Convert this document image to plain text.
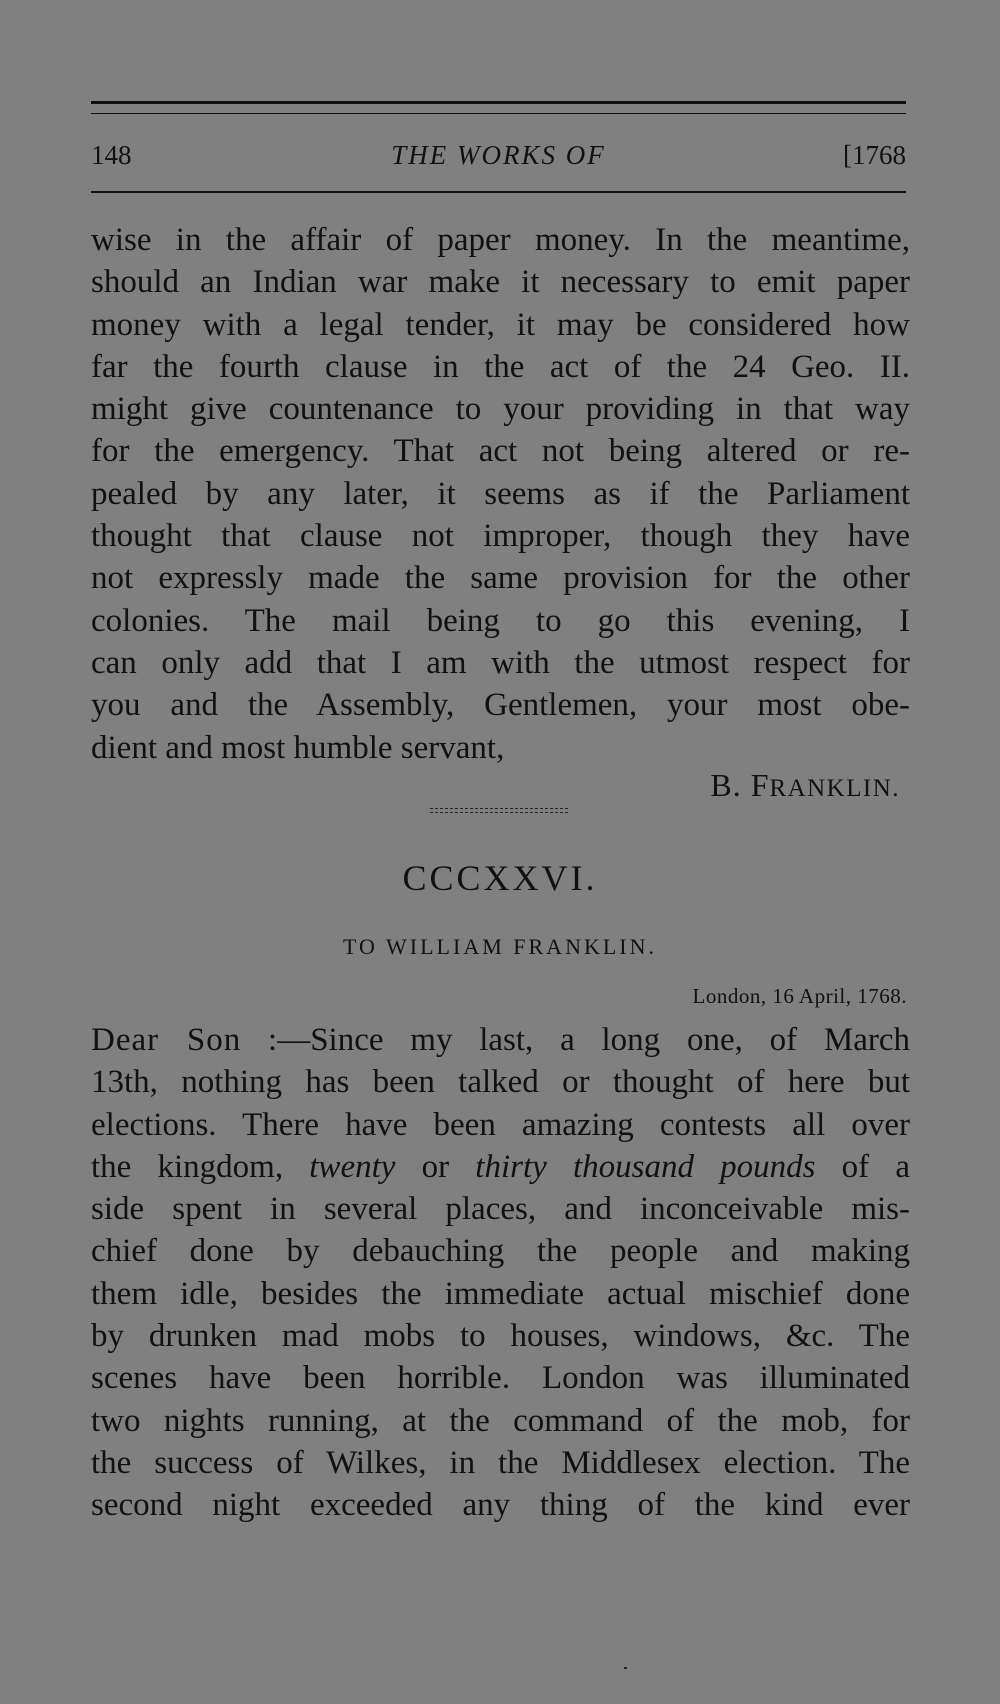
148	THE WORKS OF	[1768

wise in the affair of paper money. In the meantime,
should an Indian war make it necessary to emit paper
money with a legal tender, it may be considered how
far the fourth clause in the act of the 24 Geo. II.
might give countenance to your providing in that way
for the emergency. That act not being altered or re-
pealed by any later, it seems as if the Parliament
thought that clause not improper, though they have
not expressly made the same provision for the other
colonies. The mail being to go this evening, I
can only add that I am with the utmost respect for
you and the Assembly, Gentlemen, your most obe-
dient and most humble servant,

B. FRANKLIN.
CCCXXVI.
TO WILLIAM FRANKLIN.
London, 16 April, 1768.

Dear Son :—Since my last, a long one, of March
13th, nothing has been talked or thought of here but
elections. There have been amazing contests all over
the kingdom, twenty or thirty thousand pounds of a
side spent in several places, and inconceivable mis-
chief done by debauching the people and making
them idle, besides the immediate actual mischief done
by drunken mad mobs to houses, windows, &c. The
scenes have been horrible. London was illuminated
two nights running, at the command of the mob, for
the success of Wilkes, in the Middlesex election. The
second night exceeded any thing of the kind ever
